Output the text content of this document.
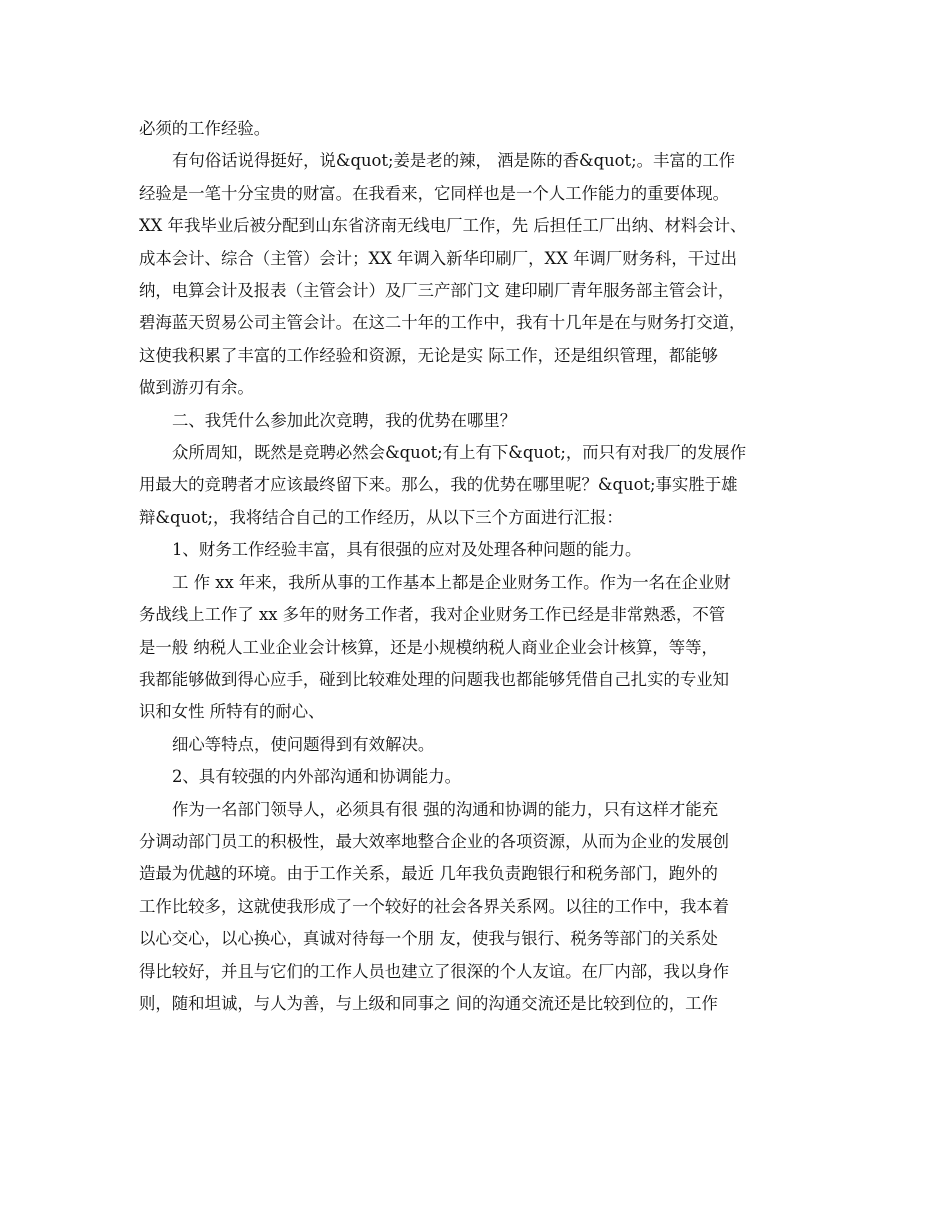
必须的工作经验。

有句俗话说得挺好，说&quot;姜是老的辣， 酒是陈的香&quot;。丰富的工作

经验是一笔十分宝贵的财富。在我看来，它同样也是一个人工作能力的重要体现。

XX 年我毕业后被分配到山东省济南无线电厂工作，先 后担任工厂出纳、材料会计、

成本会计、综合（主管）会计；XX 年调入新华印刷厂，XX 年调厂财务科，干过出

纳，电算会计及报表（主管会计）及厂三产部门文 建印刷厂青年服务部主管会计，

碧海蓝天贸易公司主管会计。在这二十年的工作中，我有十几年是在与财务打交道，

这使我积累了丰富的工作经验和资源，无论是实 际工作，还是组织管理，都能够

做到游刃有余。

二、我凭什么参加此次竞聘，我的优势在哪里？

众所周知，既然是竞聘必然会&quot;有上有下&quot;，而只有对我厂的发展作

用最大的竞聘者才应该最终留下来。那么，我的优势在哪里呢？&quot;事实胜于雄

辩&quot;，我将结合自己的工作经历，从以下三个方面进行汇报：

1、财务工作经验丰富，具有很强的应对及处理各种问题的能力。

工 作 xx 年来，我所从事的工作基本上都是企业财务工作。作为一名在企业财

务战线上工作了 xx 多年的财务工作者，我对企业财务工作已经是非常熟悉，不管

是一般 纳税人工业企业会计核算，还是小规模纳税人商业企业会计核算，等等，

我都能够做到得心应手，碰到比较难处理的问题我也都能够凭借自己扎实的专业知

识和女性 所特有的耐心、

细心等特点，使问题得到有效解决。

2、具有较强的内外部沟通和协调能力。

作为一名部门领导人，必须具有很 强的沟通和协调的能力，只有这样才能充

分调动部门员工的积极性，最大效率地整合企业的各项资源，从而为企业的发展创

造最为优越的环境。由于工作关系，最近 几年我负责跑银行和税务部门，跑外的

工作比较多，这就使我形成了一个较好的社会各界关系网。以往的工作中，我本着

以心交心，以心换心，真诚对待每一个朋 友，使我与银行、税务等部门的关系处

得比较好，并且与它们的工作人员也建立了很深的个人友谊。在厂内部，我以身作

则，随和坦诚，与人为善，与上级和同事之 间的沟通交流还是比较到位的，工作
